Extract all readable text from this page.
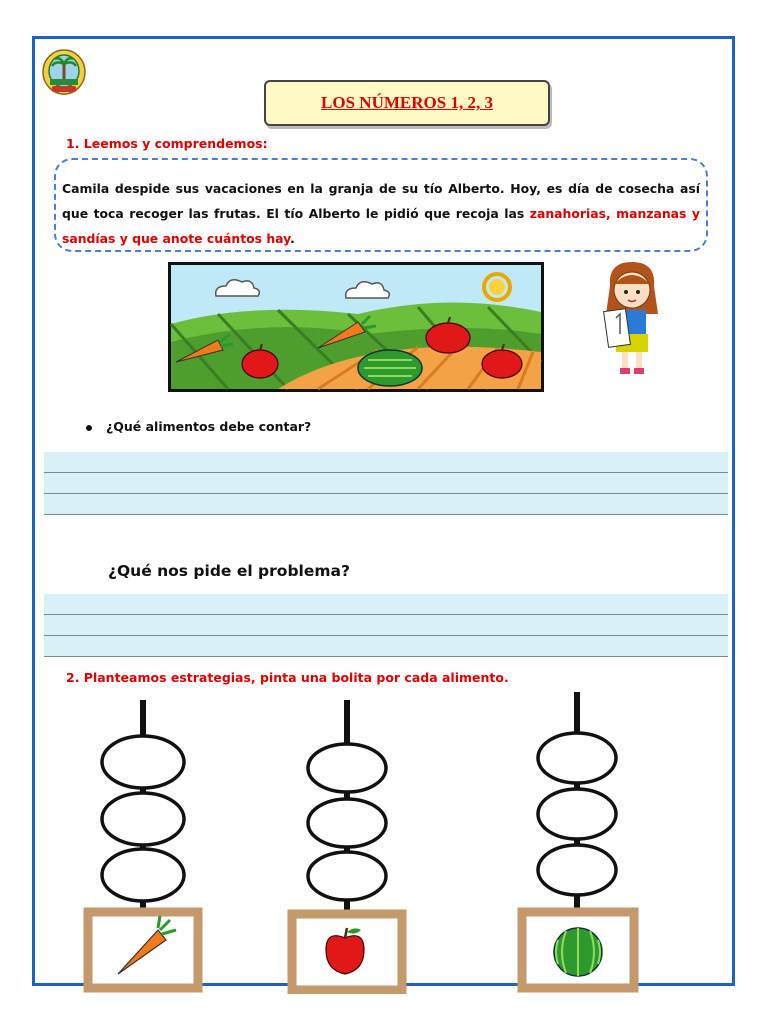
LOS NÚMEROS 1, 2, 3
1. Leemos y comprendemos:
Camila despide sus vacaciones en la granja de su tío Alberto. Hoy, es día de cosecha así que toca recoger las frutas. El tío Alberto le pidió que recoja las zanahorias, manzanas y sandías y que anote cuántos hay.
¿Qué alimentos debe contar?
¿Qué nos pide el problema?
2. Planteamos estrategias, pinta una bolita por cada alimento.
